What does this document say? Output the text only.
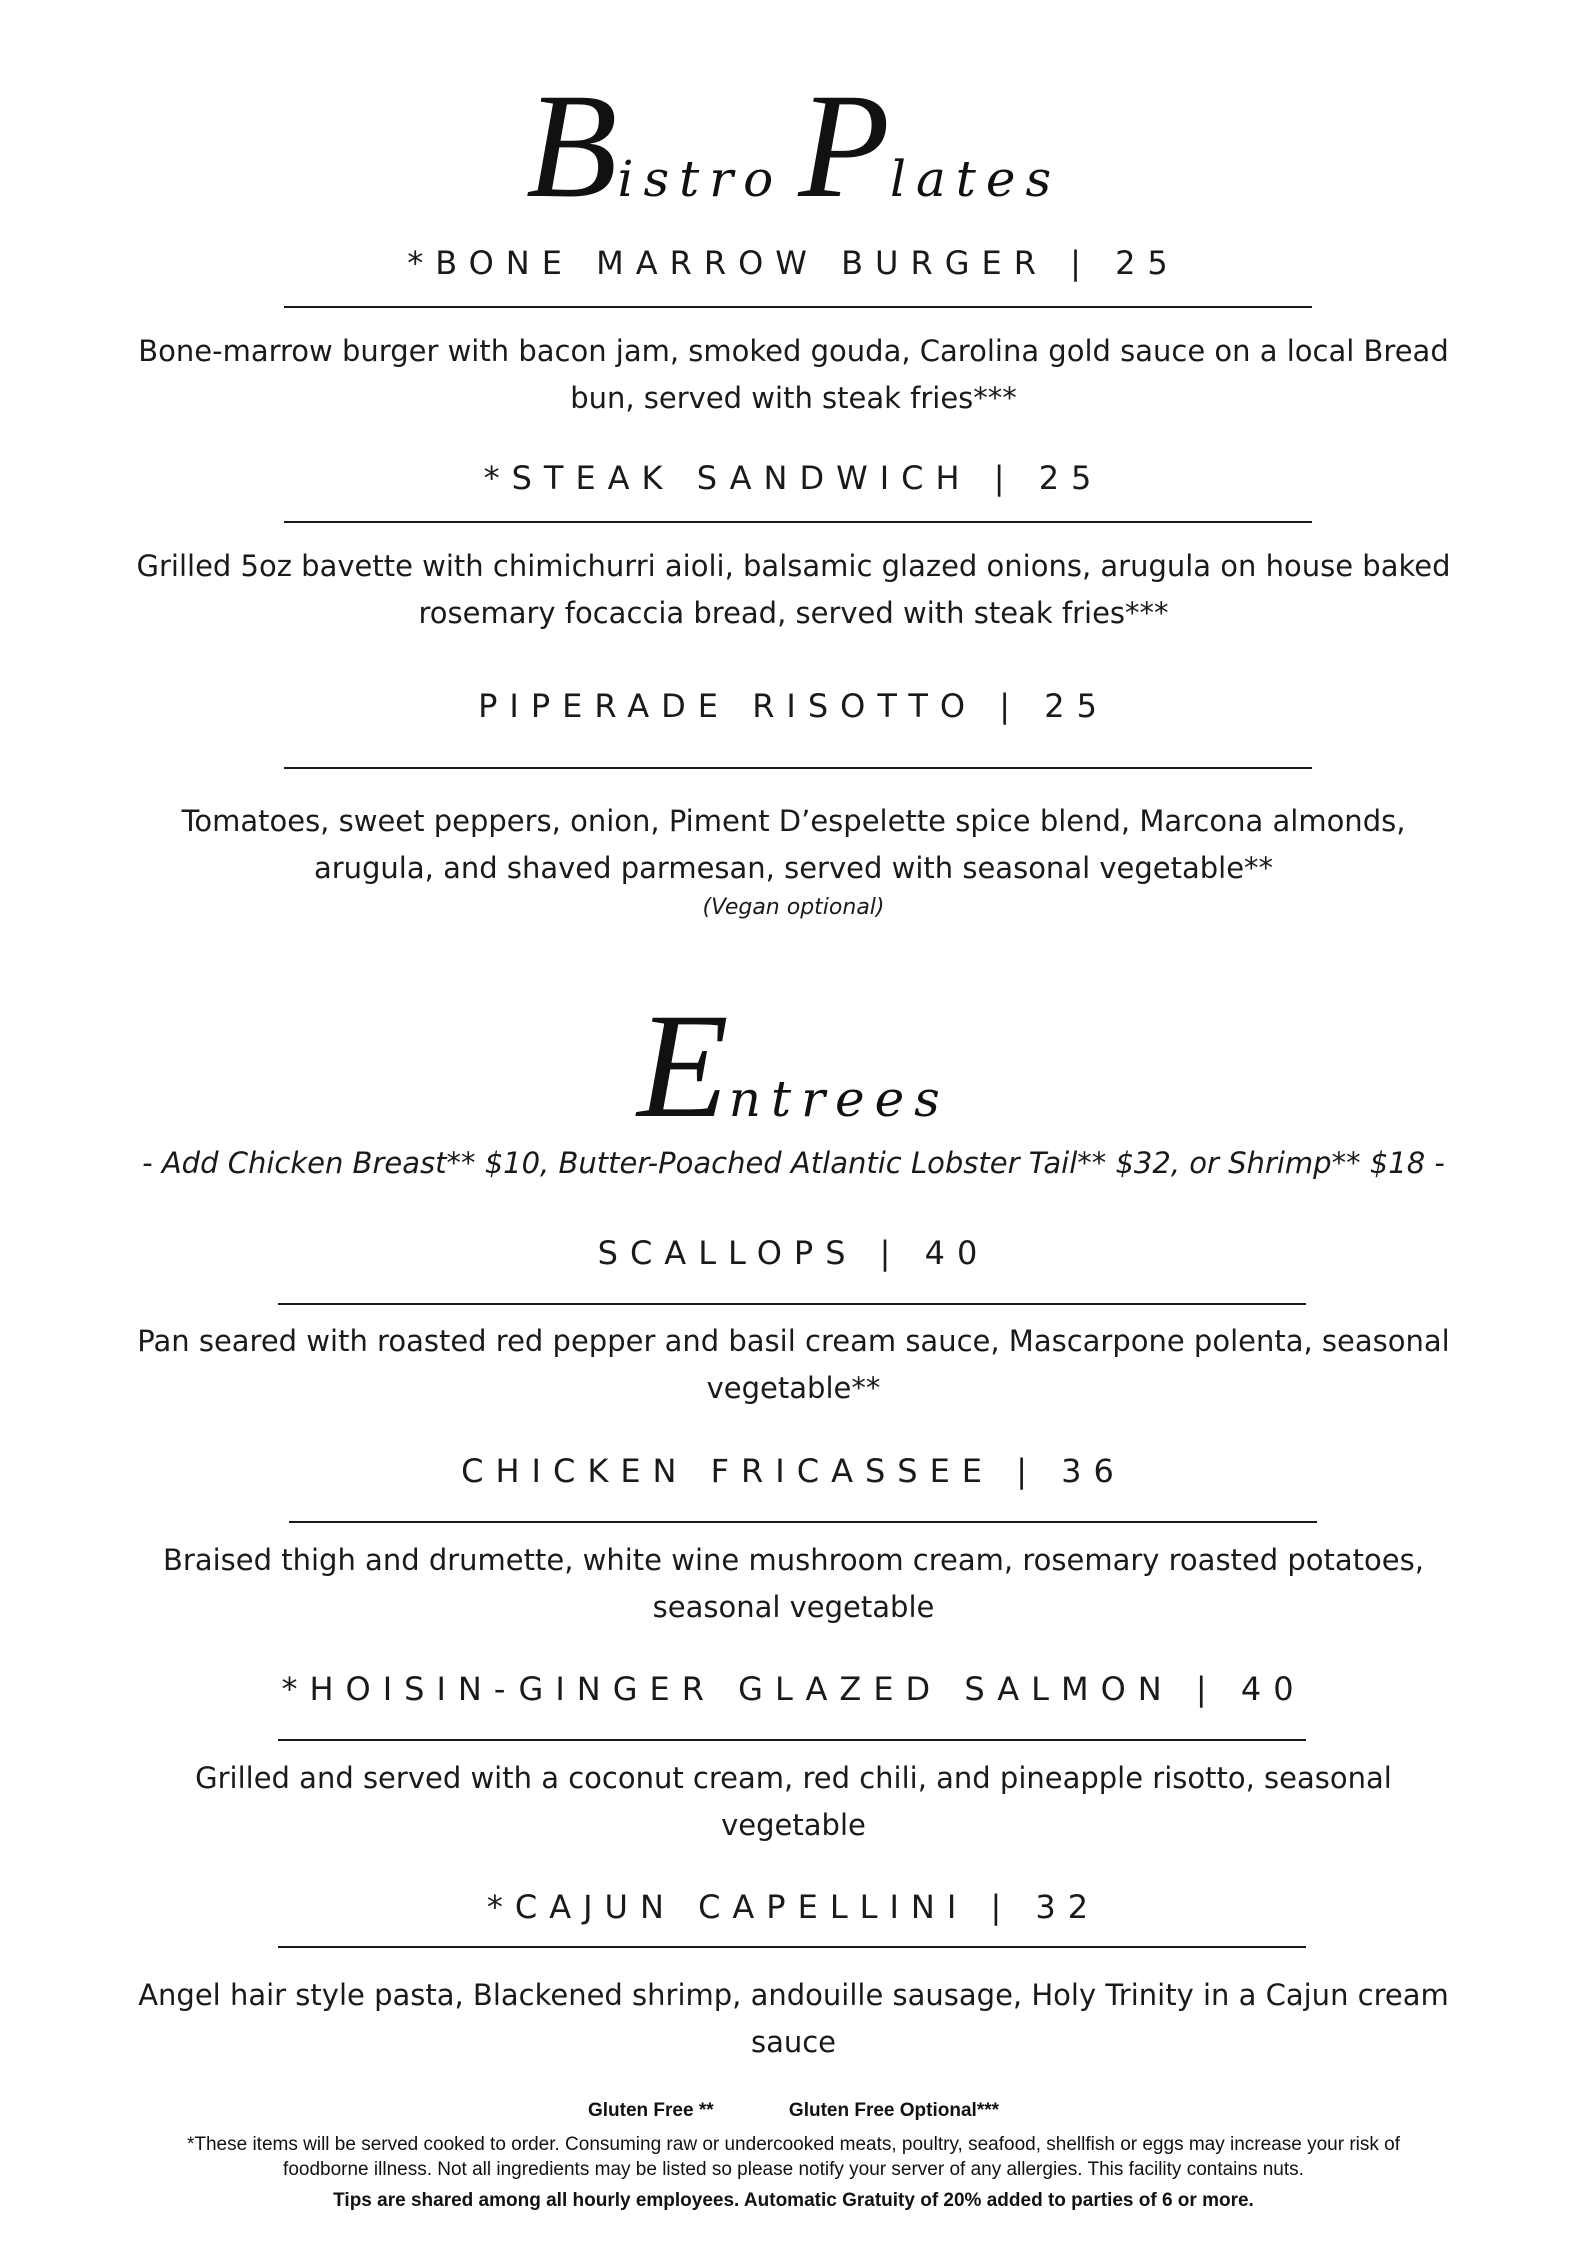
Bistro Plates
*BONE MARROW BURGER | 25

Bone-marrow burger with bacon jam, smoked gouda, Carolina gold sauce on a local Bread bun, served with steak fries***

*STEAK SANDWICH | 25

Grilled 5oz bavette with chimichurri aioli, balsamic glazed onions, arugula on house baked rosemary focaccia bread, served with steak fries***

PIPERADE RISOTTO | 25

Tomatoes, sweet peppers, onion, Piment D’espelette spice blend, Marcona almonds, arugula, and shaved parmesan, served with seasonal vegetable**

(Vegan optional)
Entrees
- Add Chicken Breast** $10, Butter-Poached Atlantic Lobster Tail** $32, or Shrimp** $18 -
SCALLOPS | 40

Pan seared with roasted red pepper and basil cream sauce, Mascarpone polenta, seasonal vegetable**

CHICKEN FRICASSEE | 36

Braised thigh and drumette, white wine mushroom cream, rosemary roasted potatoes, seasonal vegetable

*HOISIN-GINGER GLAZED SALMON | 40

Grilled and served with a coconut cream, red chili, and pineapple risotto, seasonal vegetable

*CAJUN CAPELLINI | 32

Angel hair style pasta, Blackened shrimp, andouille sausage, Holy Trinity in a Cajun cream sauce

Gluten Free **	Gluten Free Optional***

*These items will be served cooked to order. Consuming raw or undercooked meats, poultry, seafood, shellfish or eggs may increase your risk of foodborne illness. Not all ingredients may be listed so please notify your server of any allergies. This facility contains nuts.

Tips are shared among all hourly employees. Automatic Gratuity of 20% added to parties of 6 or more.
